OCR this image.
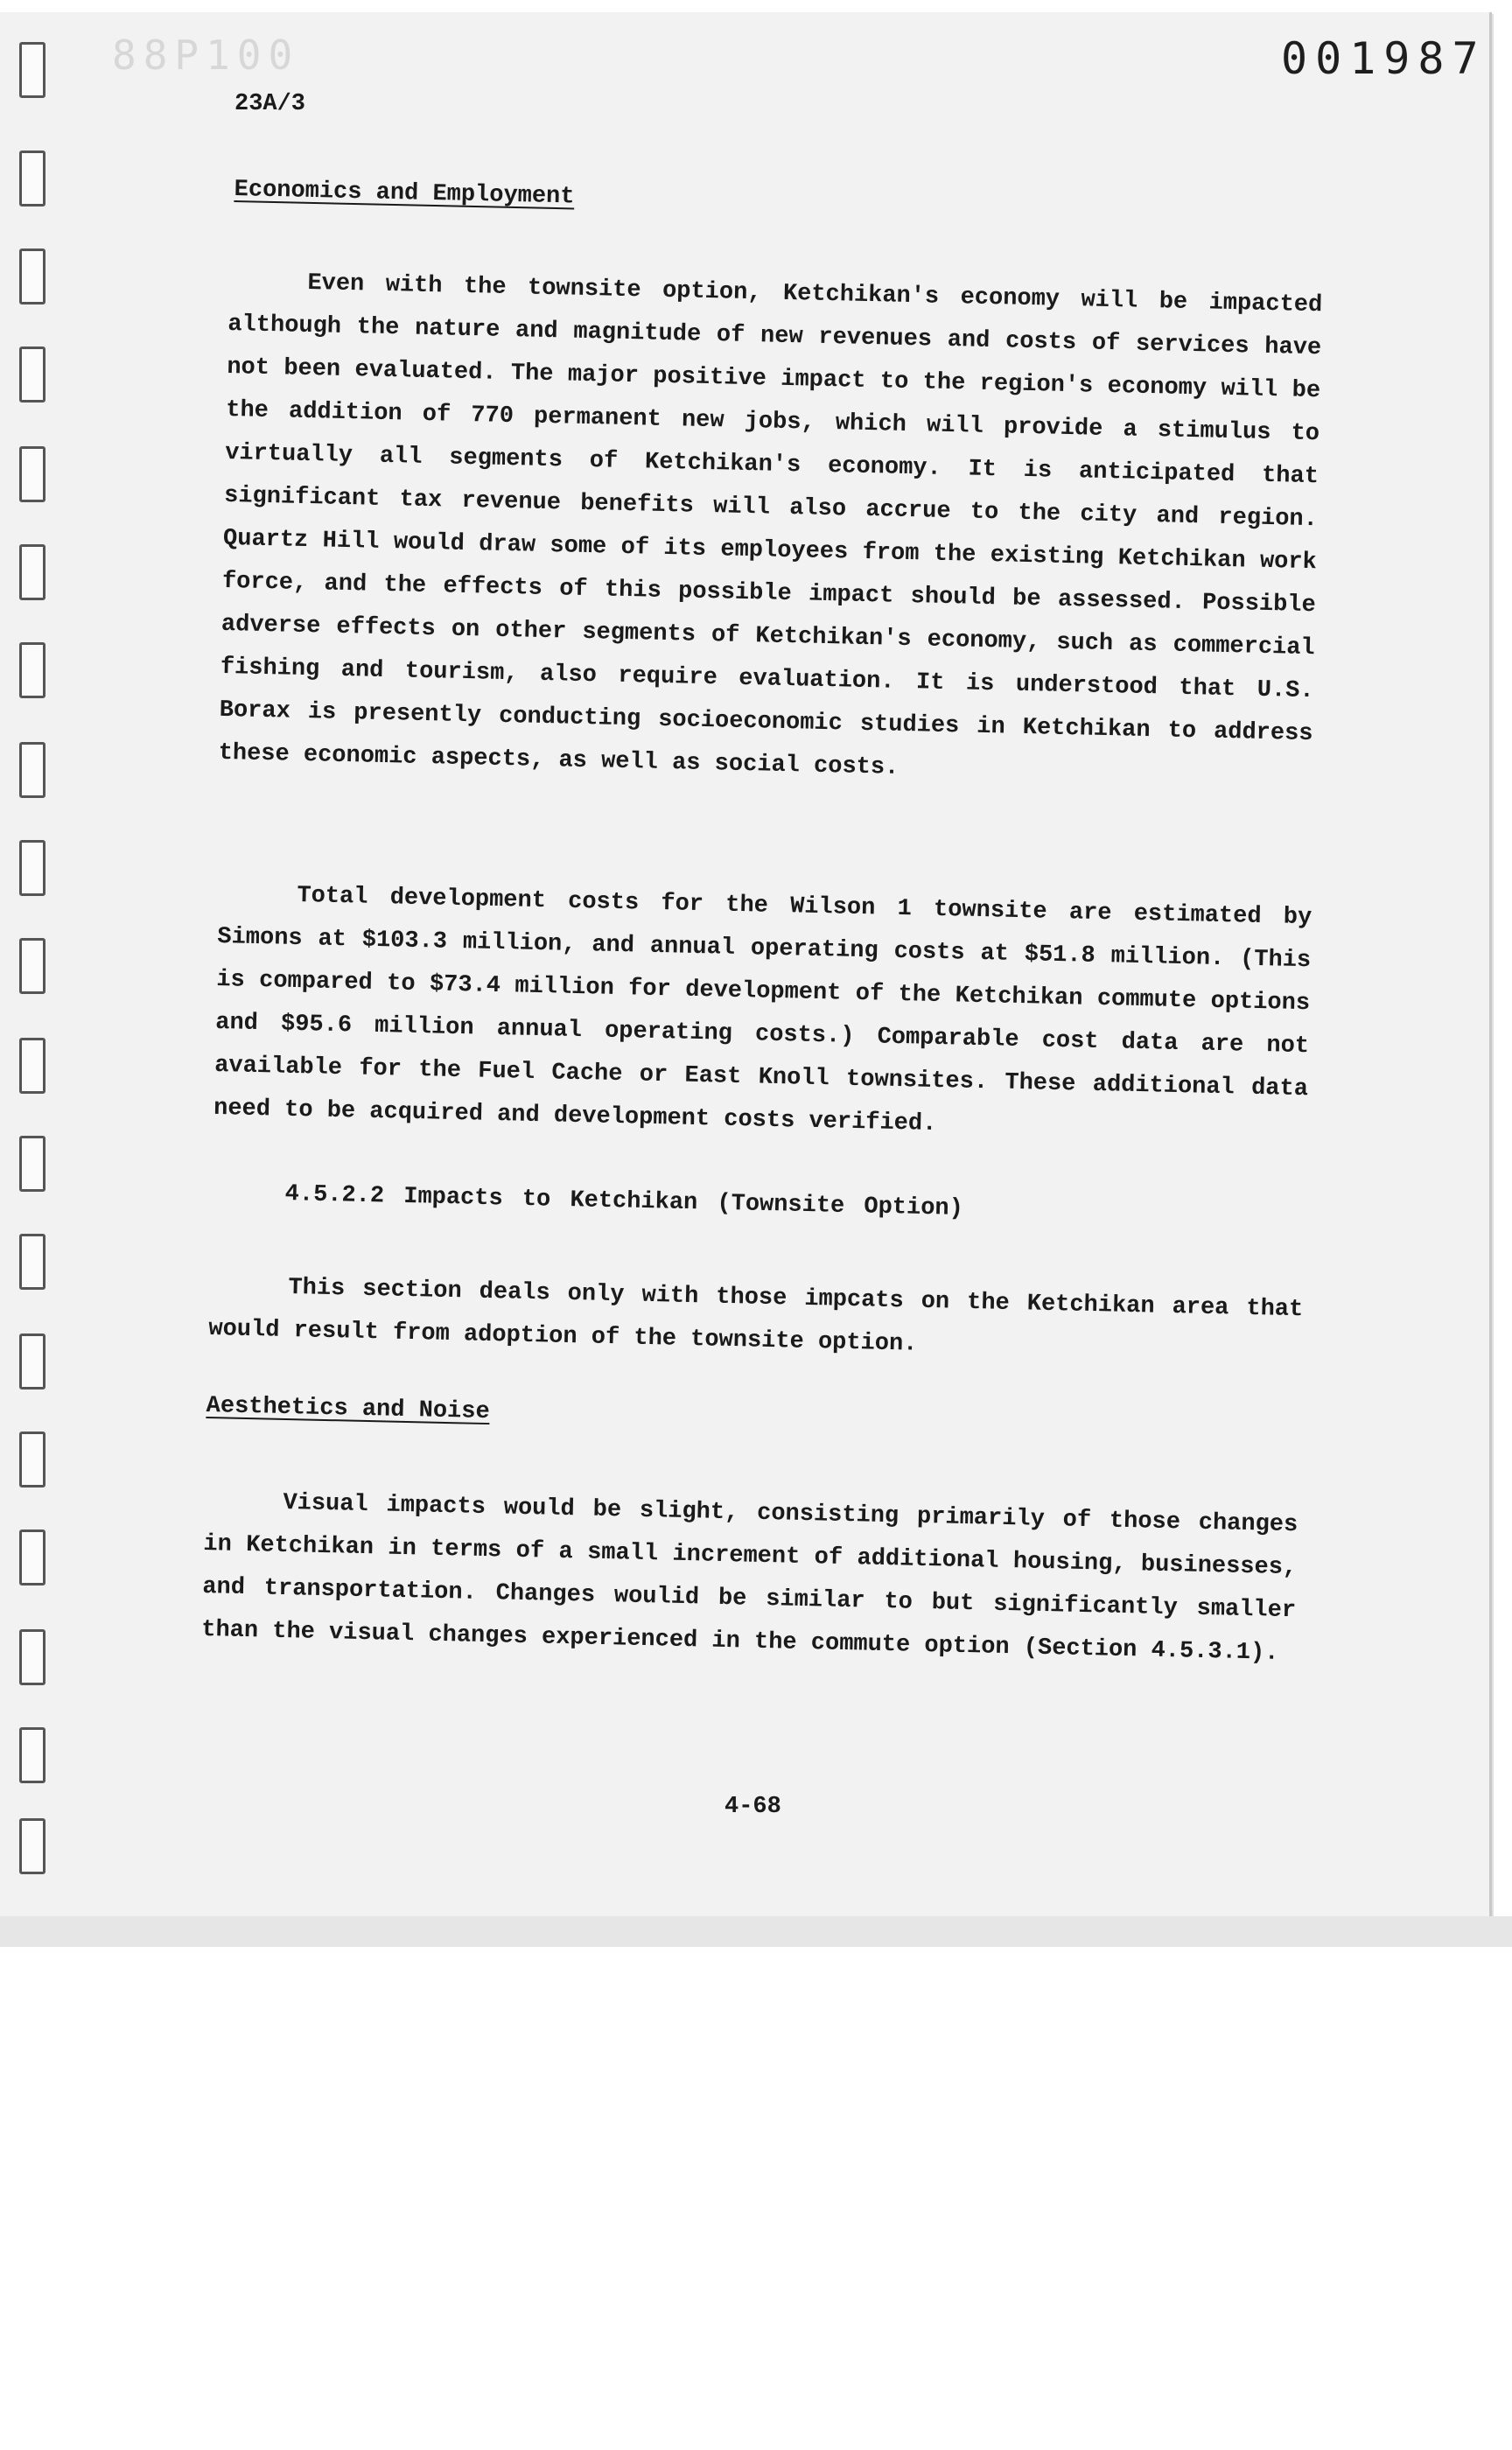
88P100	001987
23A/3
Economics and Employment
Even with the townsite option, Ketchikan's economy will be impacted although the nature and magnitude of new revenues and costs of services have not been evaluated. The major positive impact to the region's economy will be the addition of 770 permanent new jobs, which will provide a stimulus to virtually all segments of Ketchikan's economy. It is anticipated that significant tax revenue benefits will also accrue to the city and region. Quartz Hill would draw some of its employees from the existing Ketchikan work force, and the effects of this possible impact should be assessed. Possible adverse effects on other segments of Ketchikan's economy, such as commercial fishing and tourism, also require evaluation. It is understood that U.S. Borax is presently conducting socioeconomic studies in Ketchikan to address these economic aspects, as well as social costs.
Total development costs for the Wilson 1 townsite are estimated by Simons at $103.3 million, and annual operating costs at $51.8 million. (This is compared to $73.4 million for development of the Ketchikan commute options and $95.6 million annual operating costs.) Comparable cost data are not available for the Fuel Cache or East Knoll townsites. These additional data need to be acquired and development costs verified.
4.5.2.2 Impacts to Ketchikan (Townsite Option)
This section deals only with those impcats on the Ketchikan area that would result from adoption of the townsite option.
Aesthetics and Noise
Visual impacts would be slight, consisting primarily of those changes in Ketchikan in terms of a small increment of additional housing, businesses, and transportation. Changes woulid be similar to but significantly smaller than the visual changes experienced in the commute option (Section 4.5.3.1).
4-68
